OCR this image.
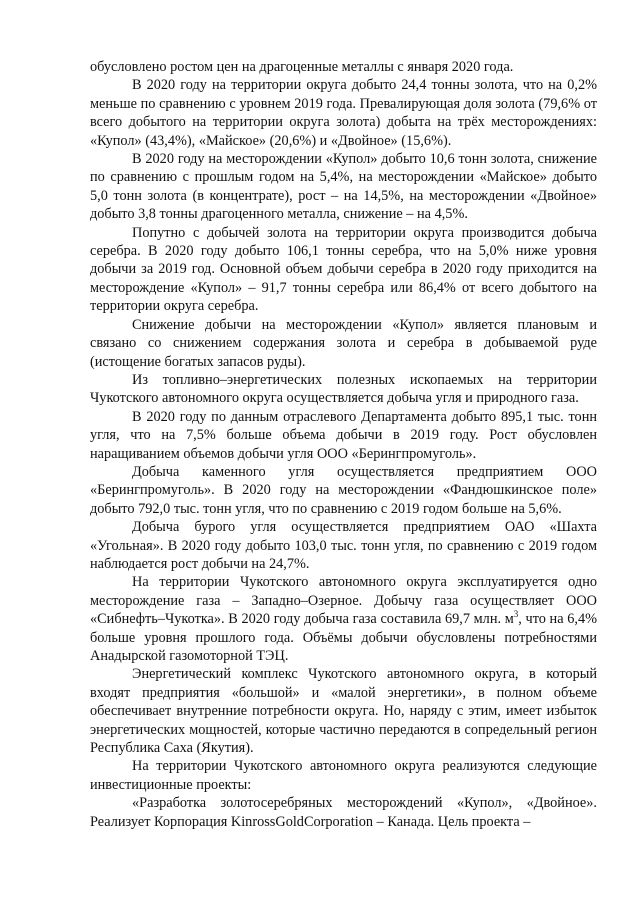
обусловлено ростом цен на драгоценные металлы с января 2020 года.

В 2020 году на территории округа добыто 24,4 тонны золота, что на 0,2% меньше по сравнению с уровнем 2019 года. Превалирующая доля золота (79,6% от всего добытого на территории округа золота) добыта на трёх месторождениях: «Купол» (43,4%), «Майское» (20,6%) и «Двойное» (15,6%).

В 2020 году на месторождении «Купол» добыто 10,6 тонн золота, снижение по сравнению с прошлым годом на 5,4%, на месторождении «Майское» добыто 5,0 тонн золота (в концентрате), рост – на 14,5%, на месторождении «Двойное» добыто 3,8 тонны драгоценного металла, снижение – на 4,5%.

Попутно с добычей золота на территории округа производится добыча серебра. В 2020 году добыто 106,1 тонны серебра, что на 5,0% ниже уровня добычи за 2019 год. Основной объем добычи серебра в 2020 году приходится на месторождение «Купол» – 91,7 тонны серебра или 86,4% от всего добытого на территории округа серебра.

Снижение добычи на месторождении «Купол» является плановым и связано со снижением содержания золота и серебра в добываемой руде (истощение богатых запасов руды).

Из топливно–энергетических полезных ископаемых на территории Чукотского автономного округа осуществляется добыча угля и природного газа.

В 2020 году по данным отраслевого Департамента добыто 895,1 тыс. тонн угля, что на 7,5% больше объема добычи в 2019 году. Рост обусловлен наращиванием объемов добычи угля ООО «Берингпромуголь».

Добыча каменного угля осуществляется предприятием ООО «Берингпромуголь». В 2020 году на месторождении «Фандюшкинское поле» добыто 792,0 тыс. тонн угля, что по сравнению с 2019 годом больше на 5,6%.

Добыча бурого угля осуществляется предприятием ОАО «Шахта «Угольная». В 2020 году добыто 103,0 тыс. тонн угля, по сравнению с 2019 годом наблюдается рост добычи на 24,7%.

На территории Чукотского автономного округа эксплуатируется одно месторождение газа – Западно–Озерное. Добычу газа осуществляет ООО «Сибнефть–Чукотка». В 2020 году добыча газа составила 69,7 млн. $м^3$, что на 6,4% больше уровня прошлого года. Объёмы добычи обусловлены потребностями Анадырской газомоторной ТЭЦ.

Энергетический комплекс Чукотского автономного округа, в который входят предприятия «большой» и «малой энергетики», в полном объеме обеспечивает внутренние потребности округа. Но, наряду с этим, имеет избыток энергетических мощностей, которые частично передаются в сопредельный регион Республика Саха (Якутия).

На территории Чукотского автономного округа реализуются следующие инвестиционные проекты:

«Разработка золотосеребряных месторождений «Купол», «Двойное». Реализует Корпорация KinrossGoldCorporation – Канада. Цель проекта –
